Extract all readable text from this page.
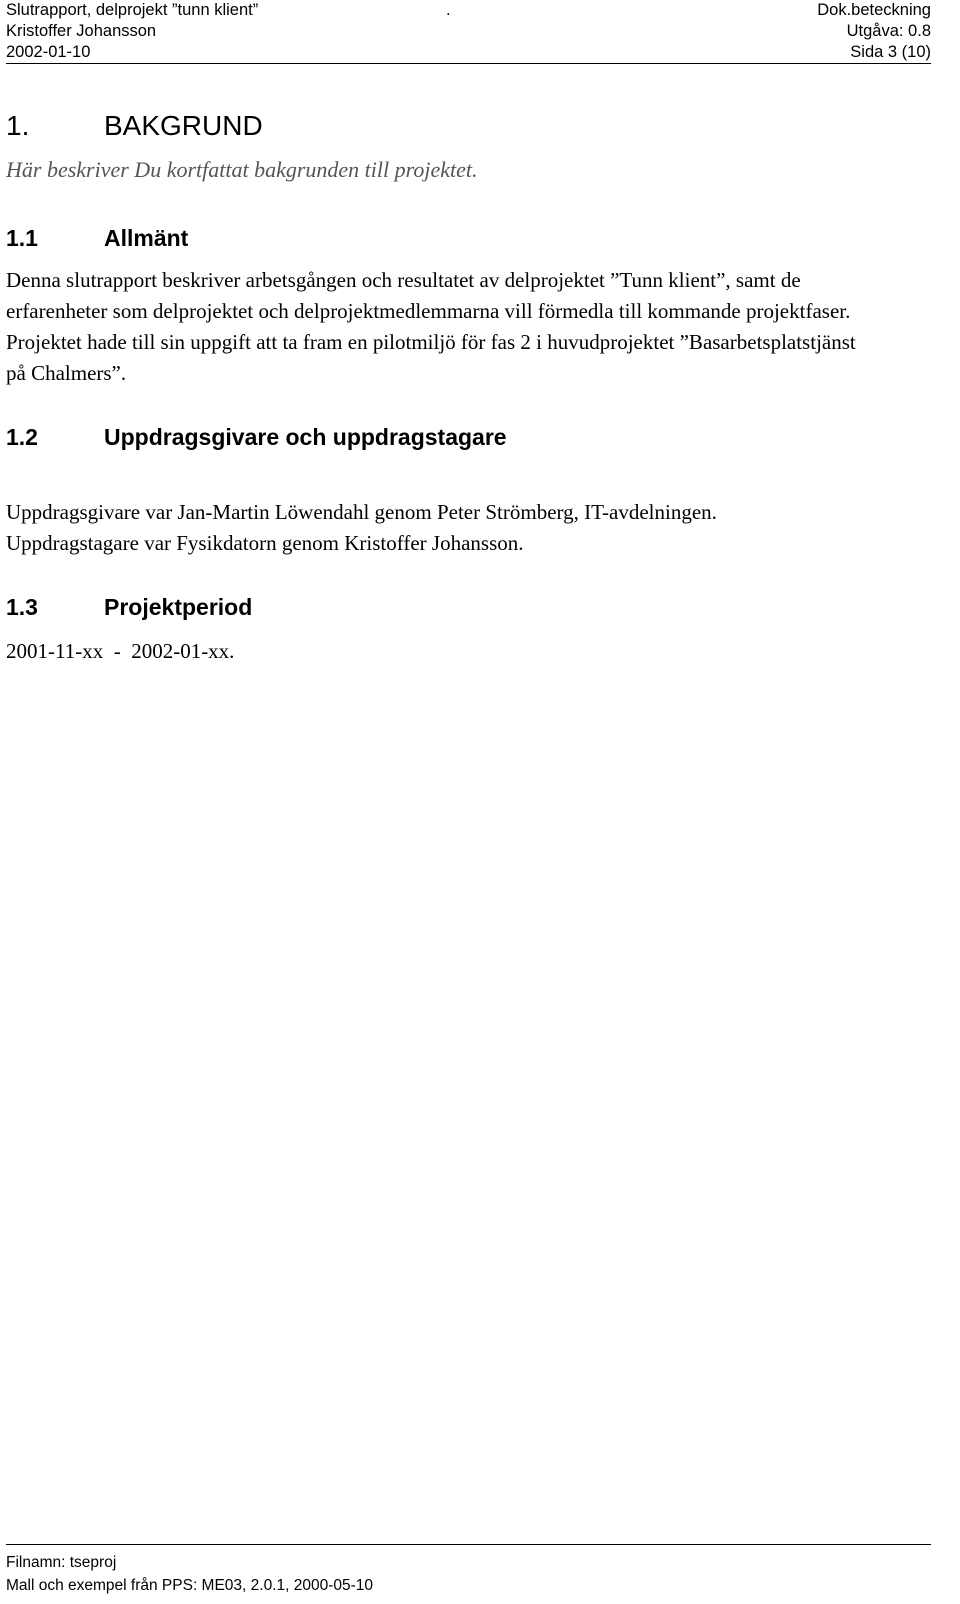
Slutrapport, delprojekt ”tunn klient”	.	Dok.beteckning
Kristoffer Johansson	Utgåva: 0.8
2002-01-10	Sida 3 (10)
1.	BAKGRUND
Här beskriver Du kortfattat bakgrunden till projektet.
1.1	Allmänt
Denna slutrapport beskriver arbetsgången och resultatet av delprojektet ”Tunn klient”, samt de
erfarenheter som delprojektet och delprojektmedlemmarna vill förmedla till kommande projektfaser.
Projektet hade till sin uppgift att ta fram en pilotmiljö för fas 2 i huvudprojektet ”Basarbetsplatstjänst
på Chalmers”.
1.2	Uppdragsgivare och uppdragstagare
Uppdragsgivare var Jan-Martin Löwendahl genom Peter Strömberg, IT-avdelningen.
Uppdragstagare var Fysikdatorn genom Kristoffer Johansson.
1.3	Projektperiod
2001-11-xx  -  2002-01-xx.
Filnamn: tseproj
Mall och exempel från PPS: ME03, 2.0.1, 2000-05-10
